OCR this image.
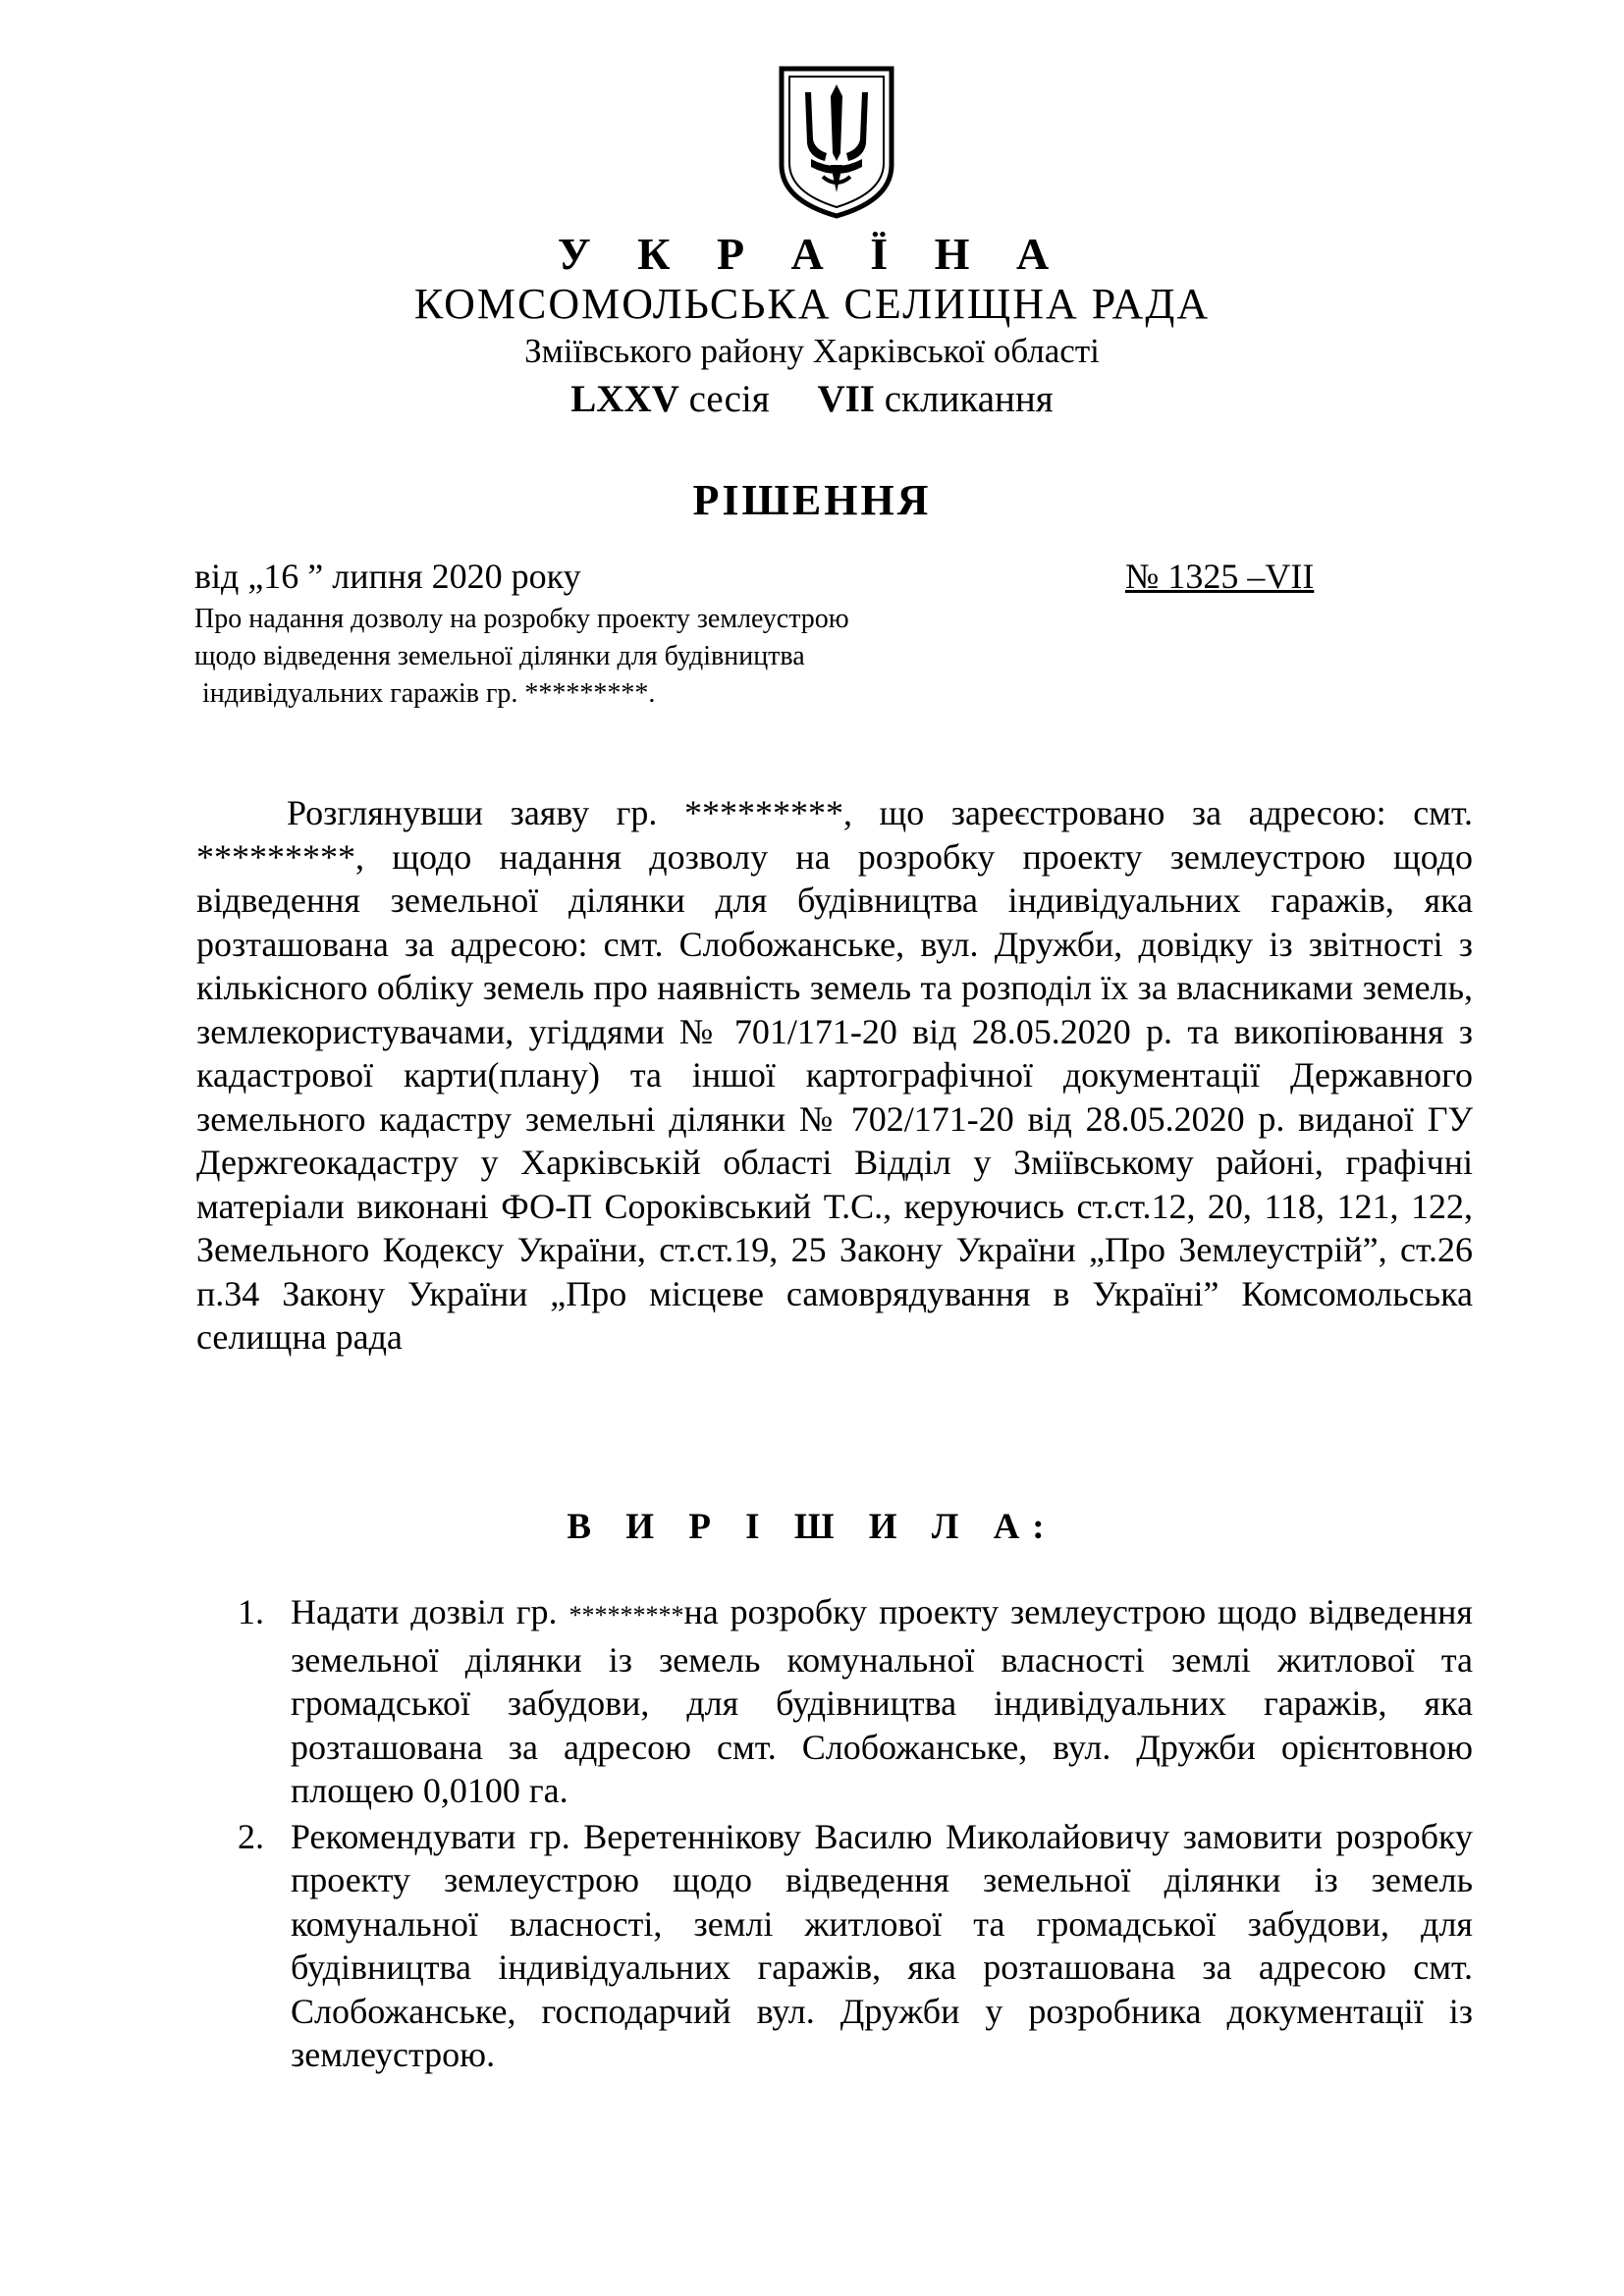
У К Р А Ї Н А

КОМСОМОЛЬСЬКА СЕЛИЩНА РАДА

Зміївського району Харківської області

LXXV сесія VII скликання

РІШЕННЯ

від „16 ” липня 2020 року	№ 1325 –VII

Про надання дозволу на розробку проекту землеустрою
щодо відведення земельної ділянки для будівництва
індивідуальних гаражів гр. *********.

Розглянувши заяву гр. *********, що зареєстровано за адресою: смт. *********, щодо надання дозволу на розробку проекту землеустрою щодо відведення земельної ділянки для будівництва індивідуальних гаражів, яка розташована за адресою: смт. Слобожанське, вул. Дружби, довідку із звітності з кількісного обліку земель про наявність земель та розподіл їх за власниками земель, землекористувачами, угіддями № 701/171-20 від 28.05.2020 р. та викопіювання з кадастрової карти(плану) та іншої картографічної документації Державного земельного кадастру земельні ділянки № 702/171-20 від 28.05.2020 р. виданої ГУ Держгеокадастру у Харківській області Відділ у Зміївському районі, графічні матеріали виконані ФО-П Сороківський Т.С., керуючись ст.ст.12, 20, 118, 121, 122, Земельного Кодексу України, ст.ст.19, 25 Закону України „Про Землеустрій”, ст.26 п.34 Закону України „Про місцеве самоврядування в Україні” Комсомольська селищна рада

В И Р І Ш И Л А:

1. Надати дозвіл гр. *********на розробку проекту землеустрою щодо відведення земельної ділянки із земель комунальної власності землі житлової та громадської забудови, для будівництва індивідуальних гаражів, яка розташована за адресою смт. Слобожанське, вул. Дружби орієнтовною площею 0,0100 га.
2. Рекомендувати гр. Веретеннікову Василю Миколайовичу замовити розробку проекту землеустрою щодо відведення земельної ділянки із земель комунальної власності, землі житлової та громадської забудови, для будівництва індивідуальних гаражів, яка розташована за адресою смт. Слобожанське, господарчий вул. Дружби у розробника документації із землеустрою.
